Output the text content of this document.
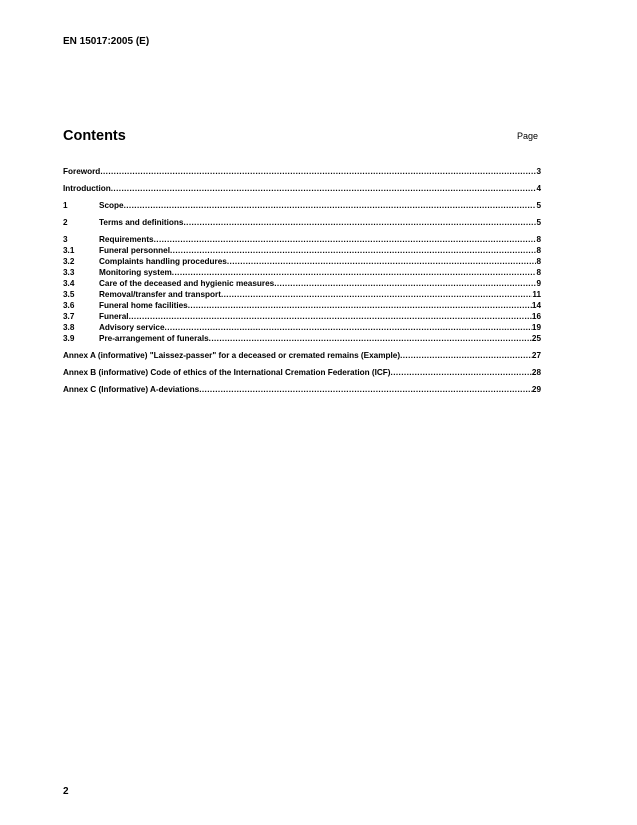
EN 15017:2005 (E)
Contents	Page
Foreword .....	3
Introduction .....	4
1	Scope .....	5
2	Terms and definitions .....	5
3	Requirements .....	8
3.1	Funeral personnel .....	8
3.2	Complaints handling procedures .....	8
3.3	Monitoring system .....	8
3.4	Care of the deceased and hygienic measures .....	9
3.5	Removal/transfer and transport .....	11
3.6	Funeral home facilities .....	14
3.7	Funeral .....	16
3.8	Advisory service .....	19
3.9	Pre-arrangement of funerals .....	25
Annex A (informative) "Laissez-passer" for a deceased or cremated remains (Example) .....	27
Annex B (informative) Code of ethics of the International Cremation Federation (ICF) .....	28
Annex C (Informative) A-deviations .....	29
2
